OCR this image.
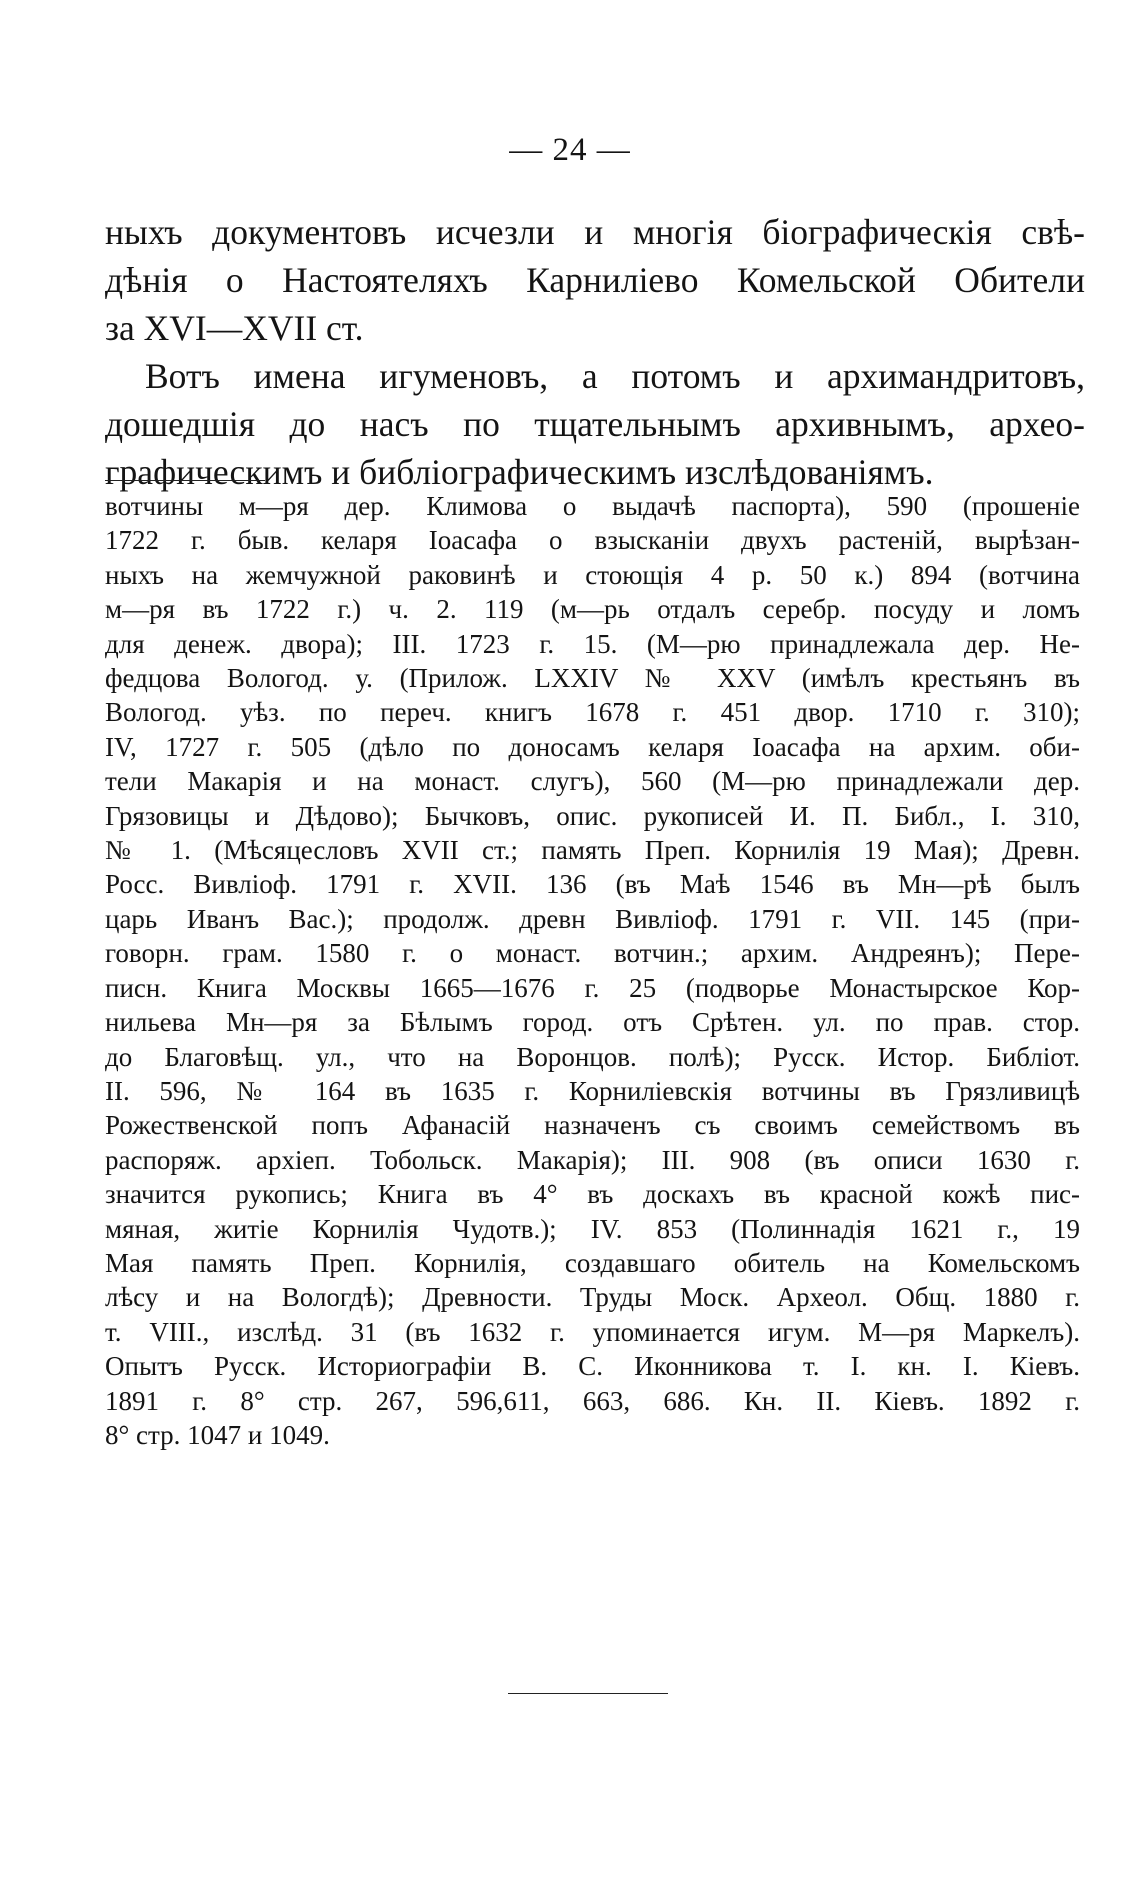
— 24 —
ныхъ документовъ исчезли и многія біографическія свѣ-
дѣнія о Настоятеляхъ Карниліево Комельской Обители
за XVI—XVII ст.
Вотъ имена игуменовъ, а потомъ и архимандритовъ,
дошедшія до насъ по тщательнымъ архивнымъ, архео-
графическимъ и библіографическимъ изслѣдованіямъ.
вотчины м—ря дер. Климова о выдачѣ паспорта), 590 (прошеніе
1722 г. быв. келаря Іоасафа о взысканіи двухъ растеній, вырѣзан-
ныхъ на жемчужной раковинѣ и стоющія 4 р. 50 к.) 894 (вотчина
м—ря въ 1722 г.) ч. 2. 119 (м—рь отдалъ серебр. посуду и ломъ
для денеж. двора); III. 1723 г. 15. (М—рю принадлежала дер. Не-
федцова Вологод. у. (Прилож. LXXIV № XXV (имѣлъ крестьянъ въ
Вологод. уѣз. по переч. книгъ 1678 г. 451 двор. 1710 г. 310);
IV, 1727 г. 505 (дѣло по доносамъ келаря Іоасафа на архим. оби-
тели Макарія и на монаст. слугъ), 560 (М—рю принадлежали дер.
Грязовицы и Дѣдово); Бычковъ, опис. рукописей И. П. Библ., I. 310,
№ 1. (Мѣсяцесловъ XVII ст.; память Преп. Корнилія 19 Мая); Древн.
Росс. Вивліоф. 1791 г. XVII. 136 (въ Маѣ 1546 въ Мн—рѣ былъ
царь Иванъ Вас.); продолж. древн Вивліоф. 1791 г. VII. 145 (при-
говорн. грам. 1580 г. о монаст. вотчин.; архим. Андреянъ); Пере-
писн. Книга Москвы 1665—1676 г. 25 (подворье Монастырское Кор-
нильева Мн—ря за Бѣлымъ город. отъ Срѣтен. ул. по прав. стор.
до Благовѣщ. ул., что на Воронцов. полѣ); Русск. Истор. Библіот.
II. 596, № 164 въ 1635 г. Корниліевскія вотчины въ Грязливицѣ
Рожественской попъ Афанасій назначенъ съ своимъ семействомъ въ
распоряж. архіеп. Тобольск. Макарія); III. 908 (въ описи 1630 г.
значится рукопись; Книга въ 4° въ доскахъ въ красной кожѣ пис-
мяная, житіе Корнилія Чудотв.); IV. 853 (Полиннадія 1621 г., 19
Мая память Преп. Корнилія, создавшаго обитель на Комельскомъ
лѣсу и на Вологдѣ); Древности. Труды Моск. Археол. Общ. 1880 г.
т. VIII., изслѣд. 31 (въ 1632 г. упоминается игум. М—ря Маркелъ).
Опытъ Русск. Историографіи В. С. Иконникова т. I. кн. I. Кіевъ.
1891 г. 8° стр. 267, 596,611, 663, 686. Кн. II. Кіевъ. 1892 г.
8° стр. 1047 и 1049.
